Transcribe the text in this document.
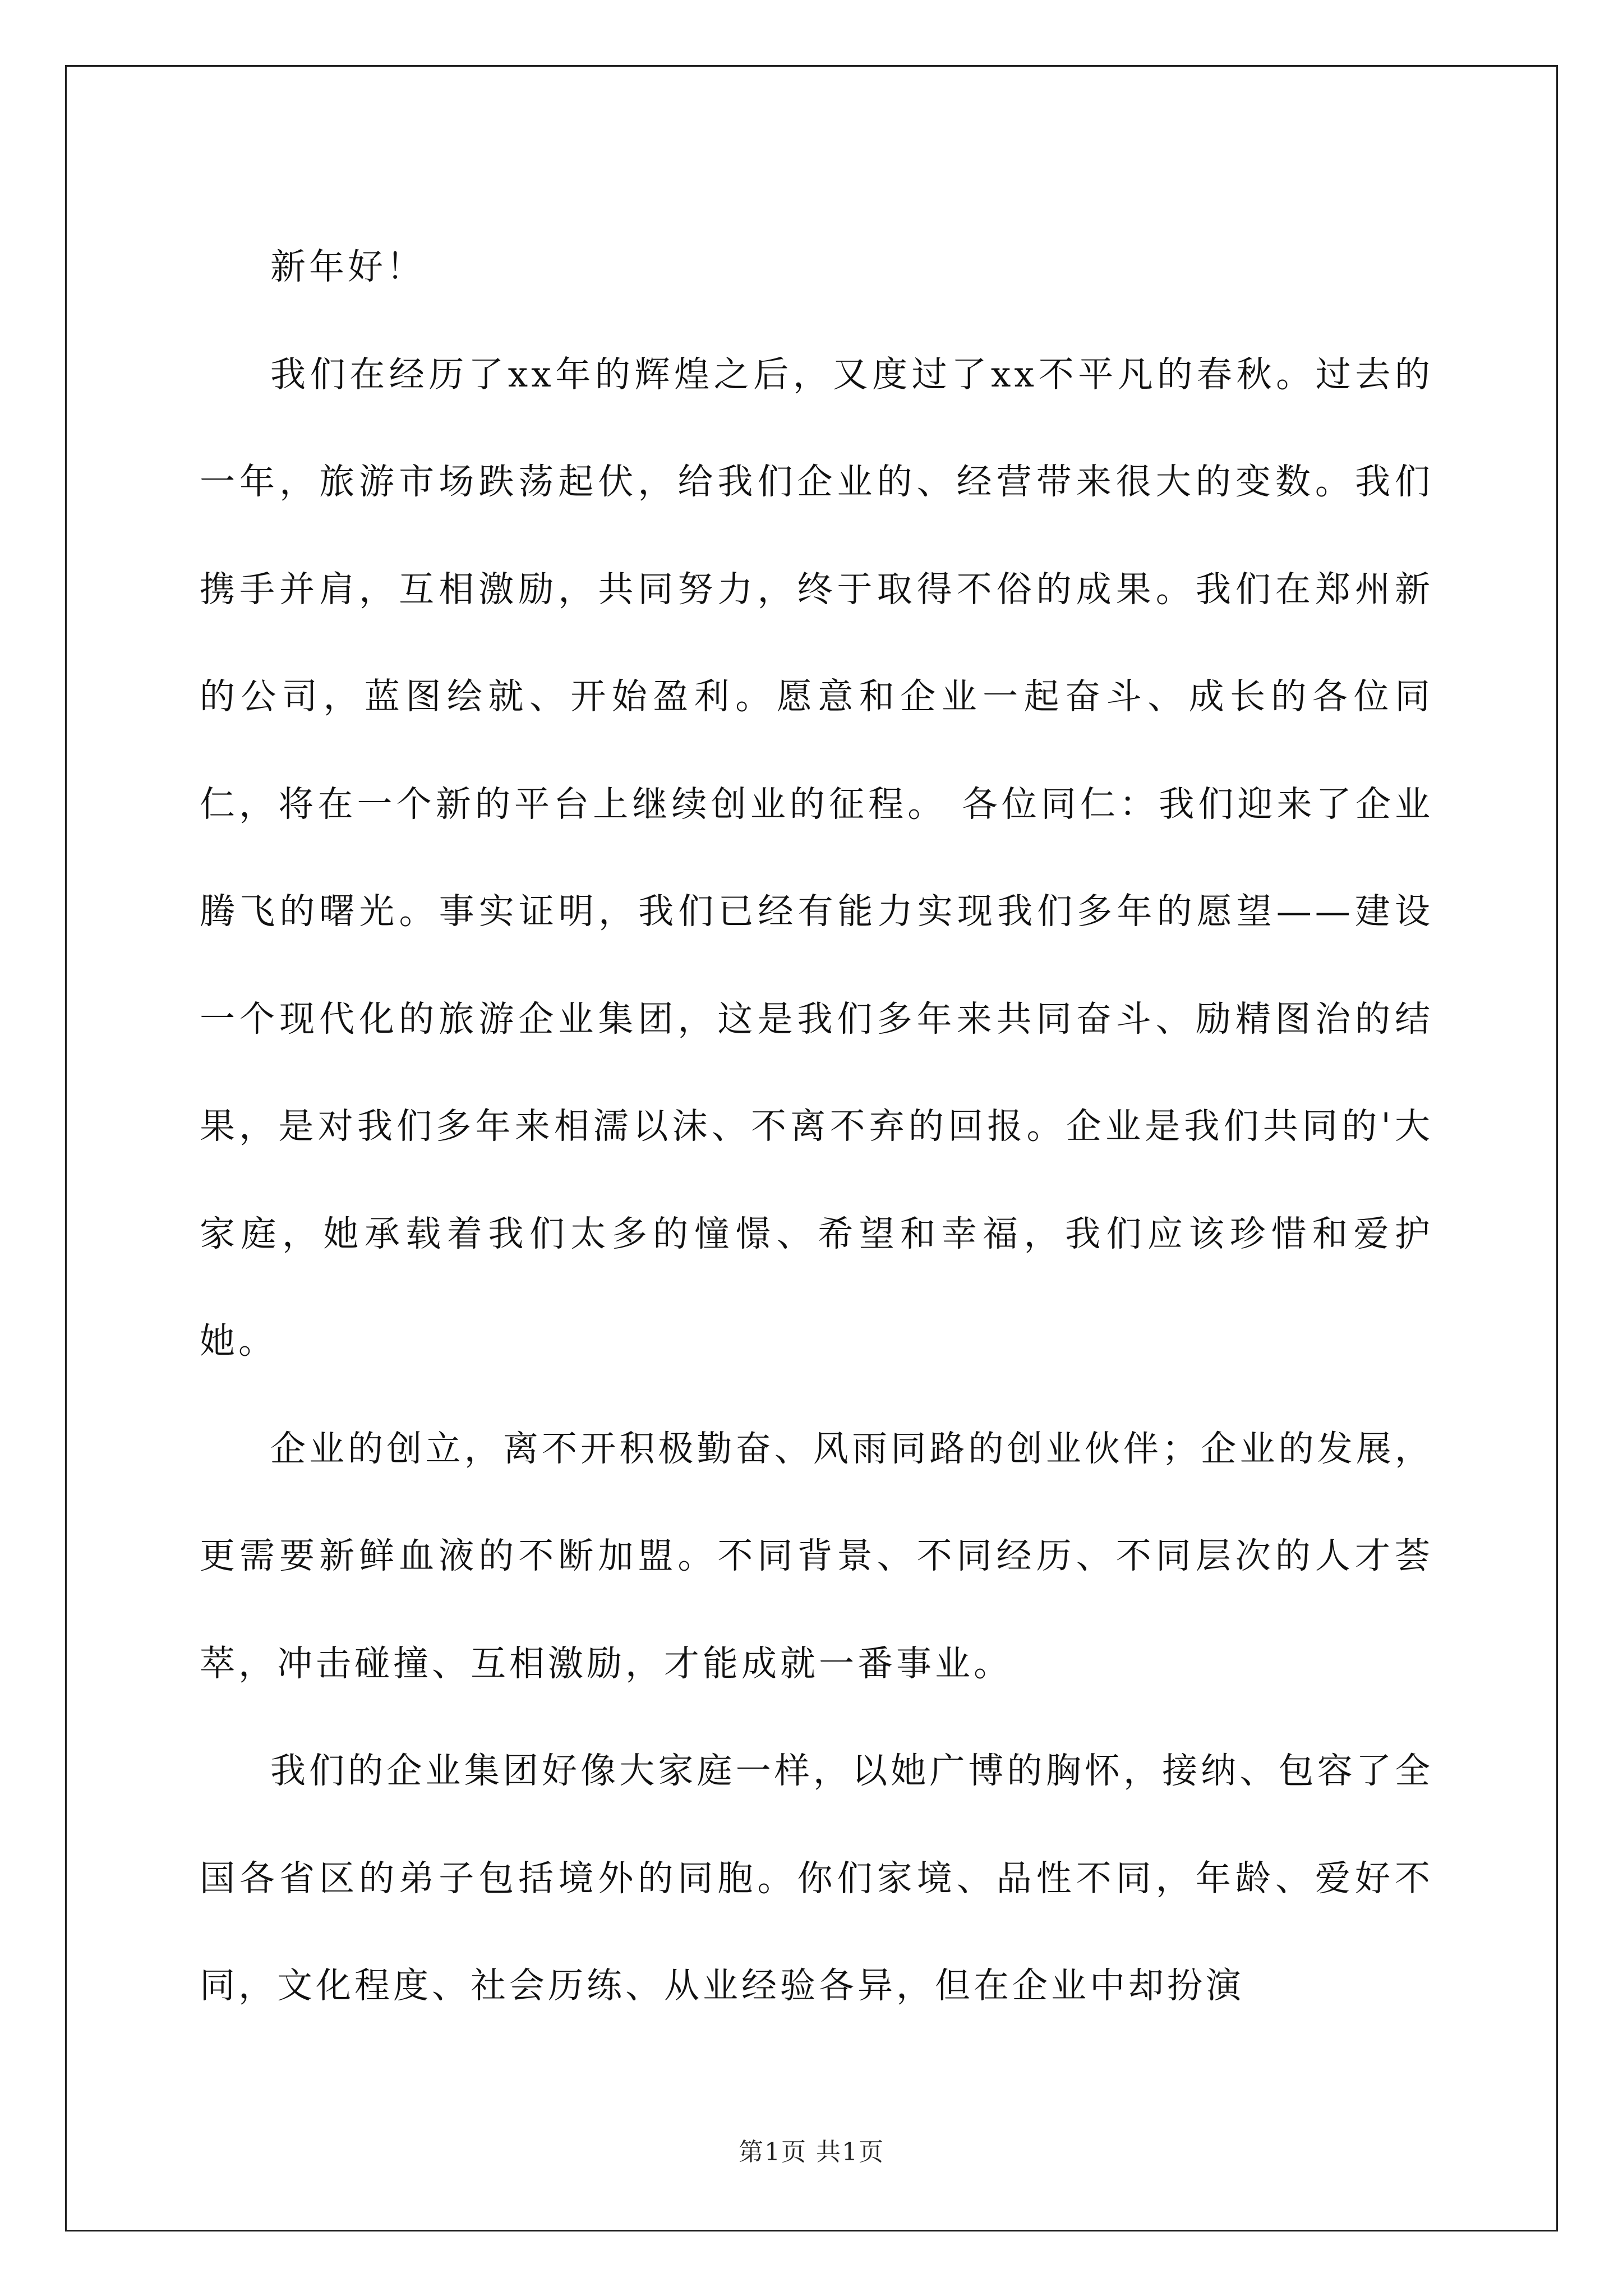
新年好！

我们在经历了xx年的辉煌之后，又度过了xx不平凡的春秋。过去的一年，旅游市场跌荡起伏，给我们企业的、经营带来很大的变数。我们携手并肩，互相激励，共同努力，终于取得不俗的成果。我们在郑州新的公司，蓝图绘就、开始盈利。愿意和企业一起奋斗、成长的各位同仁，将在一个新的平台上继续创业的征程。 各位同仁：我们迎来了企业腾飞的曙光。事实证明，我们已经有能力实现我们多年的愿望——建设一个现代化的旅游企业集团，这是我们多年来共同奋斗、励精图治的结果，是对我们多年来相濡以沫、不离不弃的回报。企业是我们共同的'大家庭，她承载着我们太多的憧憬、希望和幸福，我们应该珍惜和爱护她。

企业的创立，离不开积极勤奋、风雨同路的创业伙伴；企业的发展，更需要新鲜血液的不断加盟。不同背景、不同经历、不同层次的人才荟萃，冲击碰撞、互相激励，才能成就一番事业。

我们的企业集团好像大家庭一样，以她广博的胸怀，接纳、包容了全国各省区的弟子包括境外的同胞。你们家境、品性不同，年龄、爱好不同，文化程度、社会历练、从业经验各异，但在企业中却扮演

第1页 共1页
